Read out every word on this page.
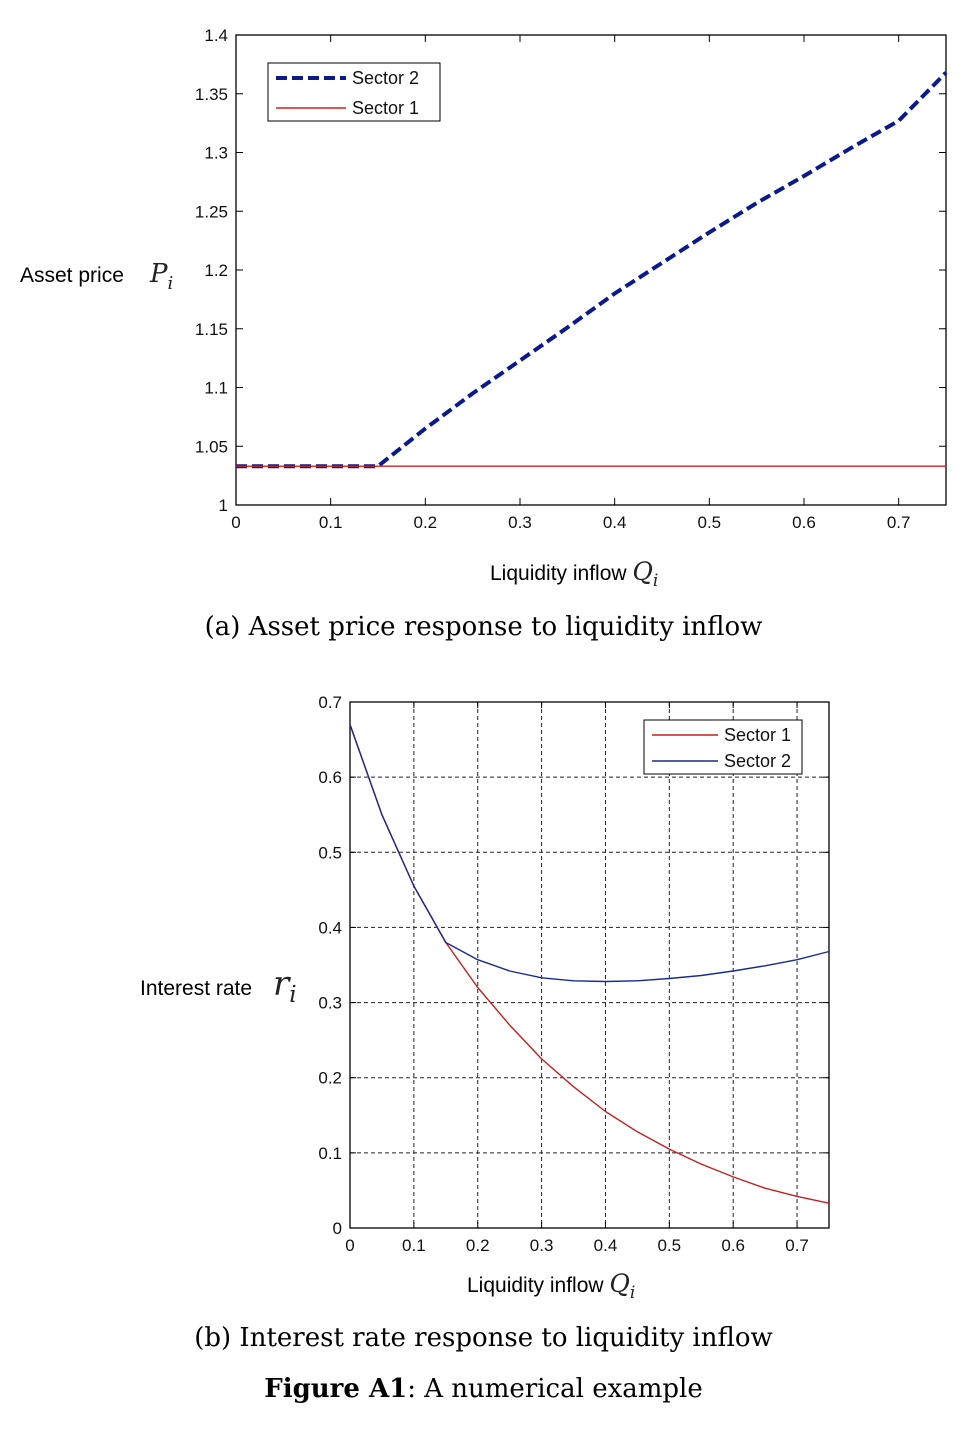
0	0.1	0.2	0.3	0.4	0.5	0.6	0.7
1
1.05
1.1
1.15
1.2
1.25
1.3
1.35
1.4
Sector 2
Sector 1
Asset price $P_i$
Liquidity inflow $Q_i$
0	0.1 0.2 0.3 0.4 0.5 0.6 0.7
0
0.1
0.2
0.3
0.4
0.5
0.6
0.7
Sector 1
Sector 2
Interest rate $r_i$
Liquidity inflow $Q_i$
(a) Asset price response to liquidity inflow
(b) Interest rate response to liquidity inflow
Figure A1: A numerical example
